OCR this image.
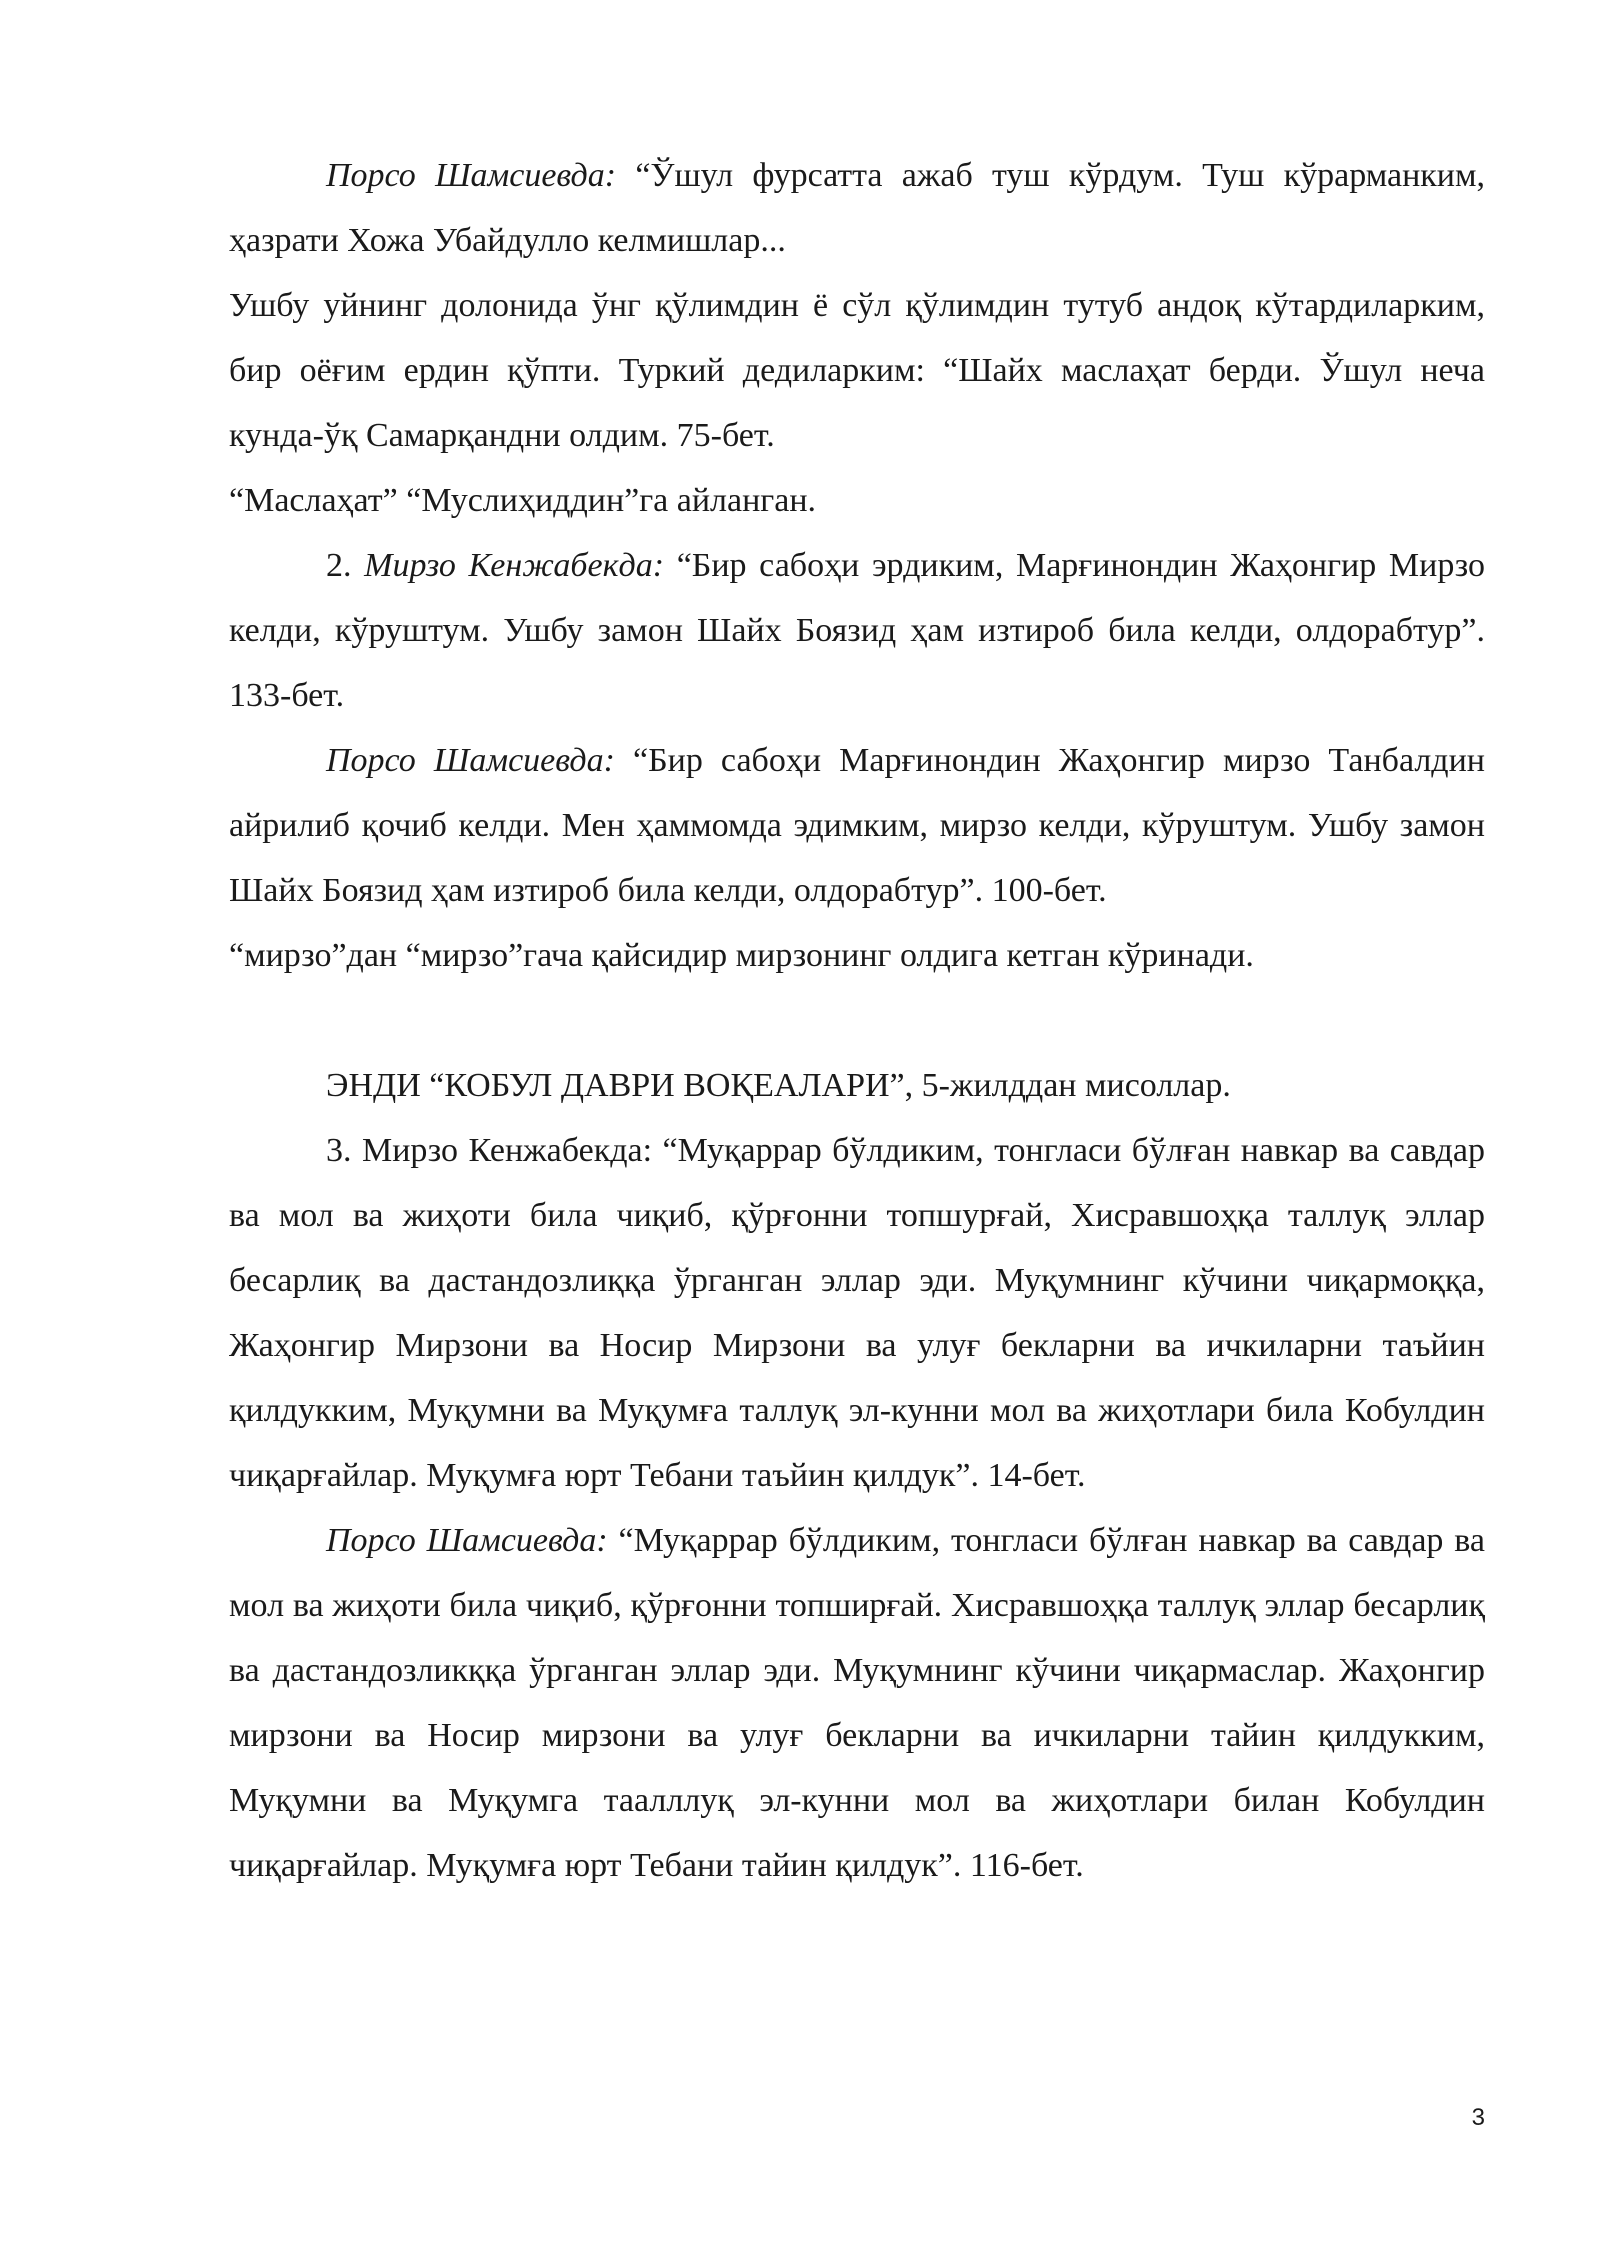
Порсо Шамсиевда: “Ўшул фурсатта ажаб туш кўрдум. Туш кўрарманким, ҳазрати Хожа Убайдулло келмишлар...

Ушбу уйнинг долонида ўнг қўлимдин ё сўл қўлимдин тутуб андоқ кўтардиларким, бир оёғим ердин қўпти. Туркий дедиларким: “Шайх маслаҳат берди. Ўшул неча кунда-ўқ Самарқандни олдим. 75-бет.

“Маслаҳат” “Муслиҳиддин”га айланган.

2. Мирзо Кенжабекда: “Бир сабоҳи эрдиким, Марғинондин Жаҳонгир Мирзо келди, кўруштум. Ушбу замон Шайх Боязид ҳам изтироб била келди, олдорабтур”. 133-бет.

Порсо Шамсиевда: “Бир сабоҳи Марғинондин Жаҳонгир мирзо Танбалдин айрилиб қочиб келди. Мен ҳаммомда эдимким, мирзо келди, кўруштум. Ушбу замон Шайх Боязид ҳам изтироб била келди, олдорабтур”. 100-бет.

“мирзо”дан “мирзо”гача қайсидир мирзонинг олдига кетган кўринади.

ЭНДИ “КОБУЛ ДАВРИ ВОҚЕАЛАРИ”, 5-жилддан мисоллар.

3. Мирзо Кенжабекда: “Муқаррар бўлдиким, тонгласи бўлған навкар ва савдар ва мол ва жиҳоти била чиқиб, қўрғонни топшурғай, Хисравшоҳқа таллуқ эллар бесарлиқ ва дастандозлиққа ўрганган эллар эди. Муқумнинг кўчини чиқармоққа, Жаҳонгир Мирзони ва Носир Мирзони ва улуғ бекларни ва ичкиларни таъйин қилдукким, Муқумни ва Муқумға таллуқ эл-кунни мол ва жиҳотлари била Кобулдин чиқарғайлар. Муқумға юрт Тебани таъйин қилдук”. 14-бет.

Порсо Шамсиевда: “Муқаррар бўлдиким, тонгласи бўлған навкар ва савдар ва мол ва жиҳоти била чиқиб, қўрғонни топширғай. Хисравшоҳқа таллуқ эллар бесарлиқ ва дастандозликққа ўрганган эллар эди. Муқумнинг кўчини чиқармаслар. Жаҳонгир мирзони ва Носир мирзони ва улуғ бекларни ва ичкиларни тайин қилдукким, Муқумни ва Муқумга таалллуқ эл-кунни мол ва жиҳотлари билан Кобулдин чиқарғайлар. Муқумға юрт Тебани тайин қилдук”. 116-бет.

3
